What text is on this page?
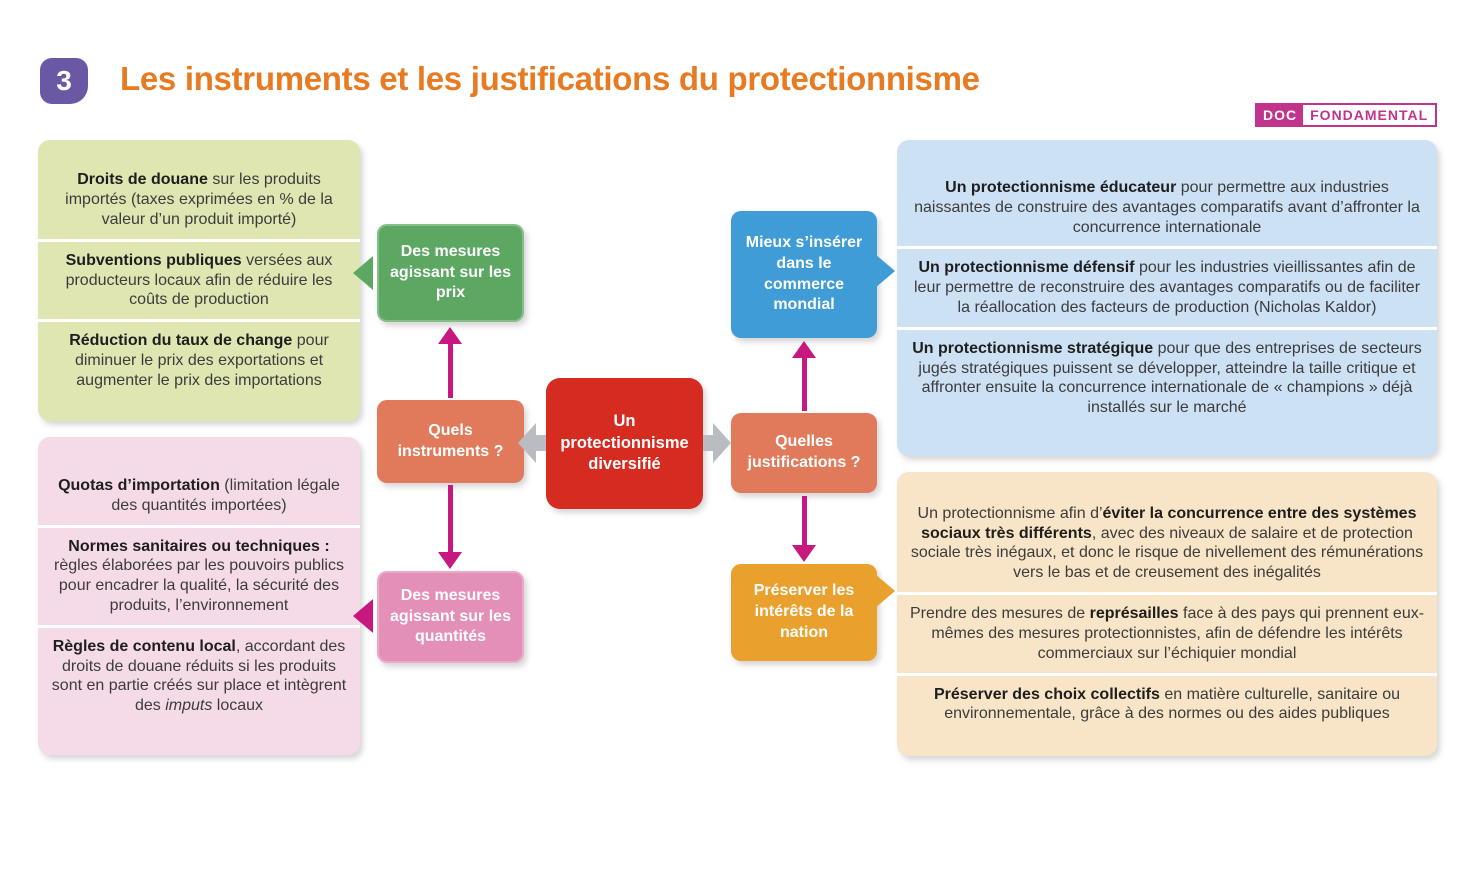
3 Les instruments et les justifications du protectionnisme
DOC FONDAMENTAL
Droits de douane sur les produits importés (taxes exprimées en % de la valeur d’un produit importé)
Subventions publiques versées aux producteurs locaux afin de réduire les coûts de production
Réduction du taux de change pour diminuer le prix des exportations et augmenter le prix des importations
Quotas d’importation (limitation légale des quantités importées)
Normes sanitaires ou techniques : règles élaborées par les pouvoirs publics pour encadrer la qualité, la sécurité des produits, l’environnement
Règles de contenu local, accordant des droits de douane réduits si les produits sont en partie créés sur place et intègrent des imputs locaux
Un protectionnisme éducateur pour permettre aux industries naissantes de construire des avantages comparatifs avant d’affronter la concurrence internationale
Un protectionnisme défensif pour les industries vieillissantes afin de leur permettre de reconstruire des avantages comparatifs ou de faciliter la réallocation des facteurs de production (Nicholas Kaldor)
Un protectionnisme stratégique pour que des entreprises de secteurs jugés stratégiques puissent se développer, atteindre la taille critique et affronter ensuite la concurrence internationale de « champions » déjà installés sur le marché
Un protectionnisme afin d’éviter la concurrence entre des systèmes sociaux très différents, avec des niveaux de salaire et de protection sociale très inégaux, et donc le risque de nivellement des rémunérations vers le bas et de creusement des inégalités
Prendre des mesures de représailles face à des pays qui prennent eux-mêmes des mesures protectionnistes, afin de défendre les intérêts commerciaux sur l’échiquier mondial
Préserver des choix collectifs en matière culturelle, sanitaire ou environnementale, grâce à des normes ou des aides publiques
Des mesures agissant sur les prix
Quels instruments ?
Des mesures agissant sur les quantités
Un protectionnisme diversifié
Mieux s’insérer dans le commerce mondial
Quelles justifications ?
Préserver les intérêts de la nation
